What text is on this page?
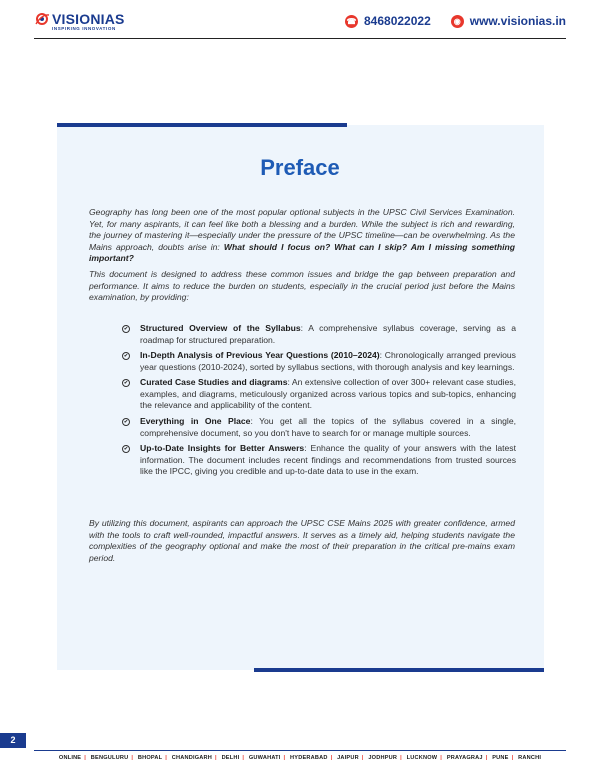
VISIONIAS
INSPIRING INNOVATION
☎ 8468022022	◉ www.visionias.in
Preface

Geography has long been one of the most popular optional subjects in the UPSC Civil Services Examination. Yet, for many aspirants, it can feel like both a blessing and a burden. While the subject is rich and rewarding, the journey of mastering it—especially under the pressure of the UPSC timeline—can be overwhelming. As the Mains approach, doubts arise in: What should I focus on? What can I skip? Am I missing something important?

This document is designed to address these common issues and bridge the gap between preparation and performance. It aims to reduce the burden on students, especially in the crucial period just before the Mains examination, by providing:

✔ Structured Overview of the Syllabus: A comprehensive syllabus coverage, serving as a roadmap for structured preparation.
✔ In-Depth Analysis of Previous Year Questions (2010–2024): Chronologically arranged previous year questions (2010-2024), sorted by syllabus sections, with thorough analysis and key learnings.
✔ Curated Case Studies and diagrams: An extensive collection of over 300+ relevant case studies, examples, and diagrams, meticulously organized across various topics and sub-topics, enhancing the relevance and applicability of the content.
✔ Everything in One Place: You get all the topics of the syllabus covered in a single, comprehensive document, so you don't have to search for or manage multiple sources.
✔ Up-to-Date Insights for Better Answers: Enhance the quality of your answers with the latest information. The document includes recent findings and recommendations from trusted sources like the IPCC, giving you credible and up-to-date data to use in the exam.

By utilizing this document, aspirants can approach the UPSC CSE Mains 2025 with greater confidence, armed with the tools to craft well-rounded, impactful answers. It serves as a timely aid, helping students navigate the complexities of the geography optional and make the most of their preparation in the critical pre-mains exam period.

2
ONLINE | BENGULURU | BHOPAL | CHANDIGARH | DELHI | GUWAHATI | HYDERABAD | JAIPUR | JODHPUR | LUCKNOW | PRAYAGRAJ | PUNE | RANCHI
